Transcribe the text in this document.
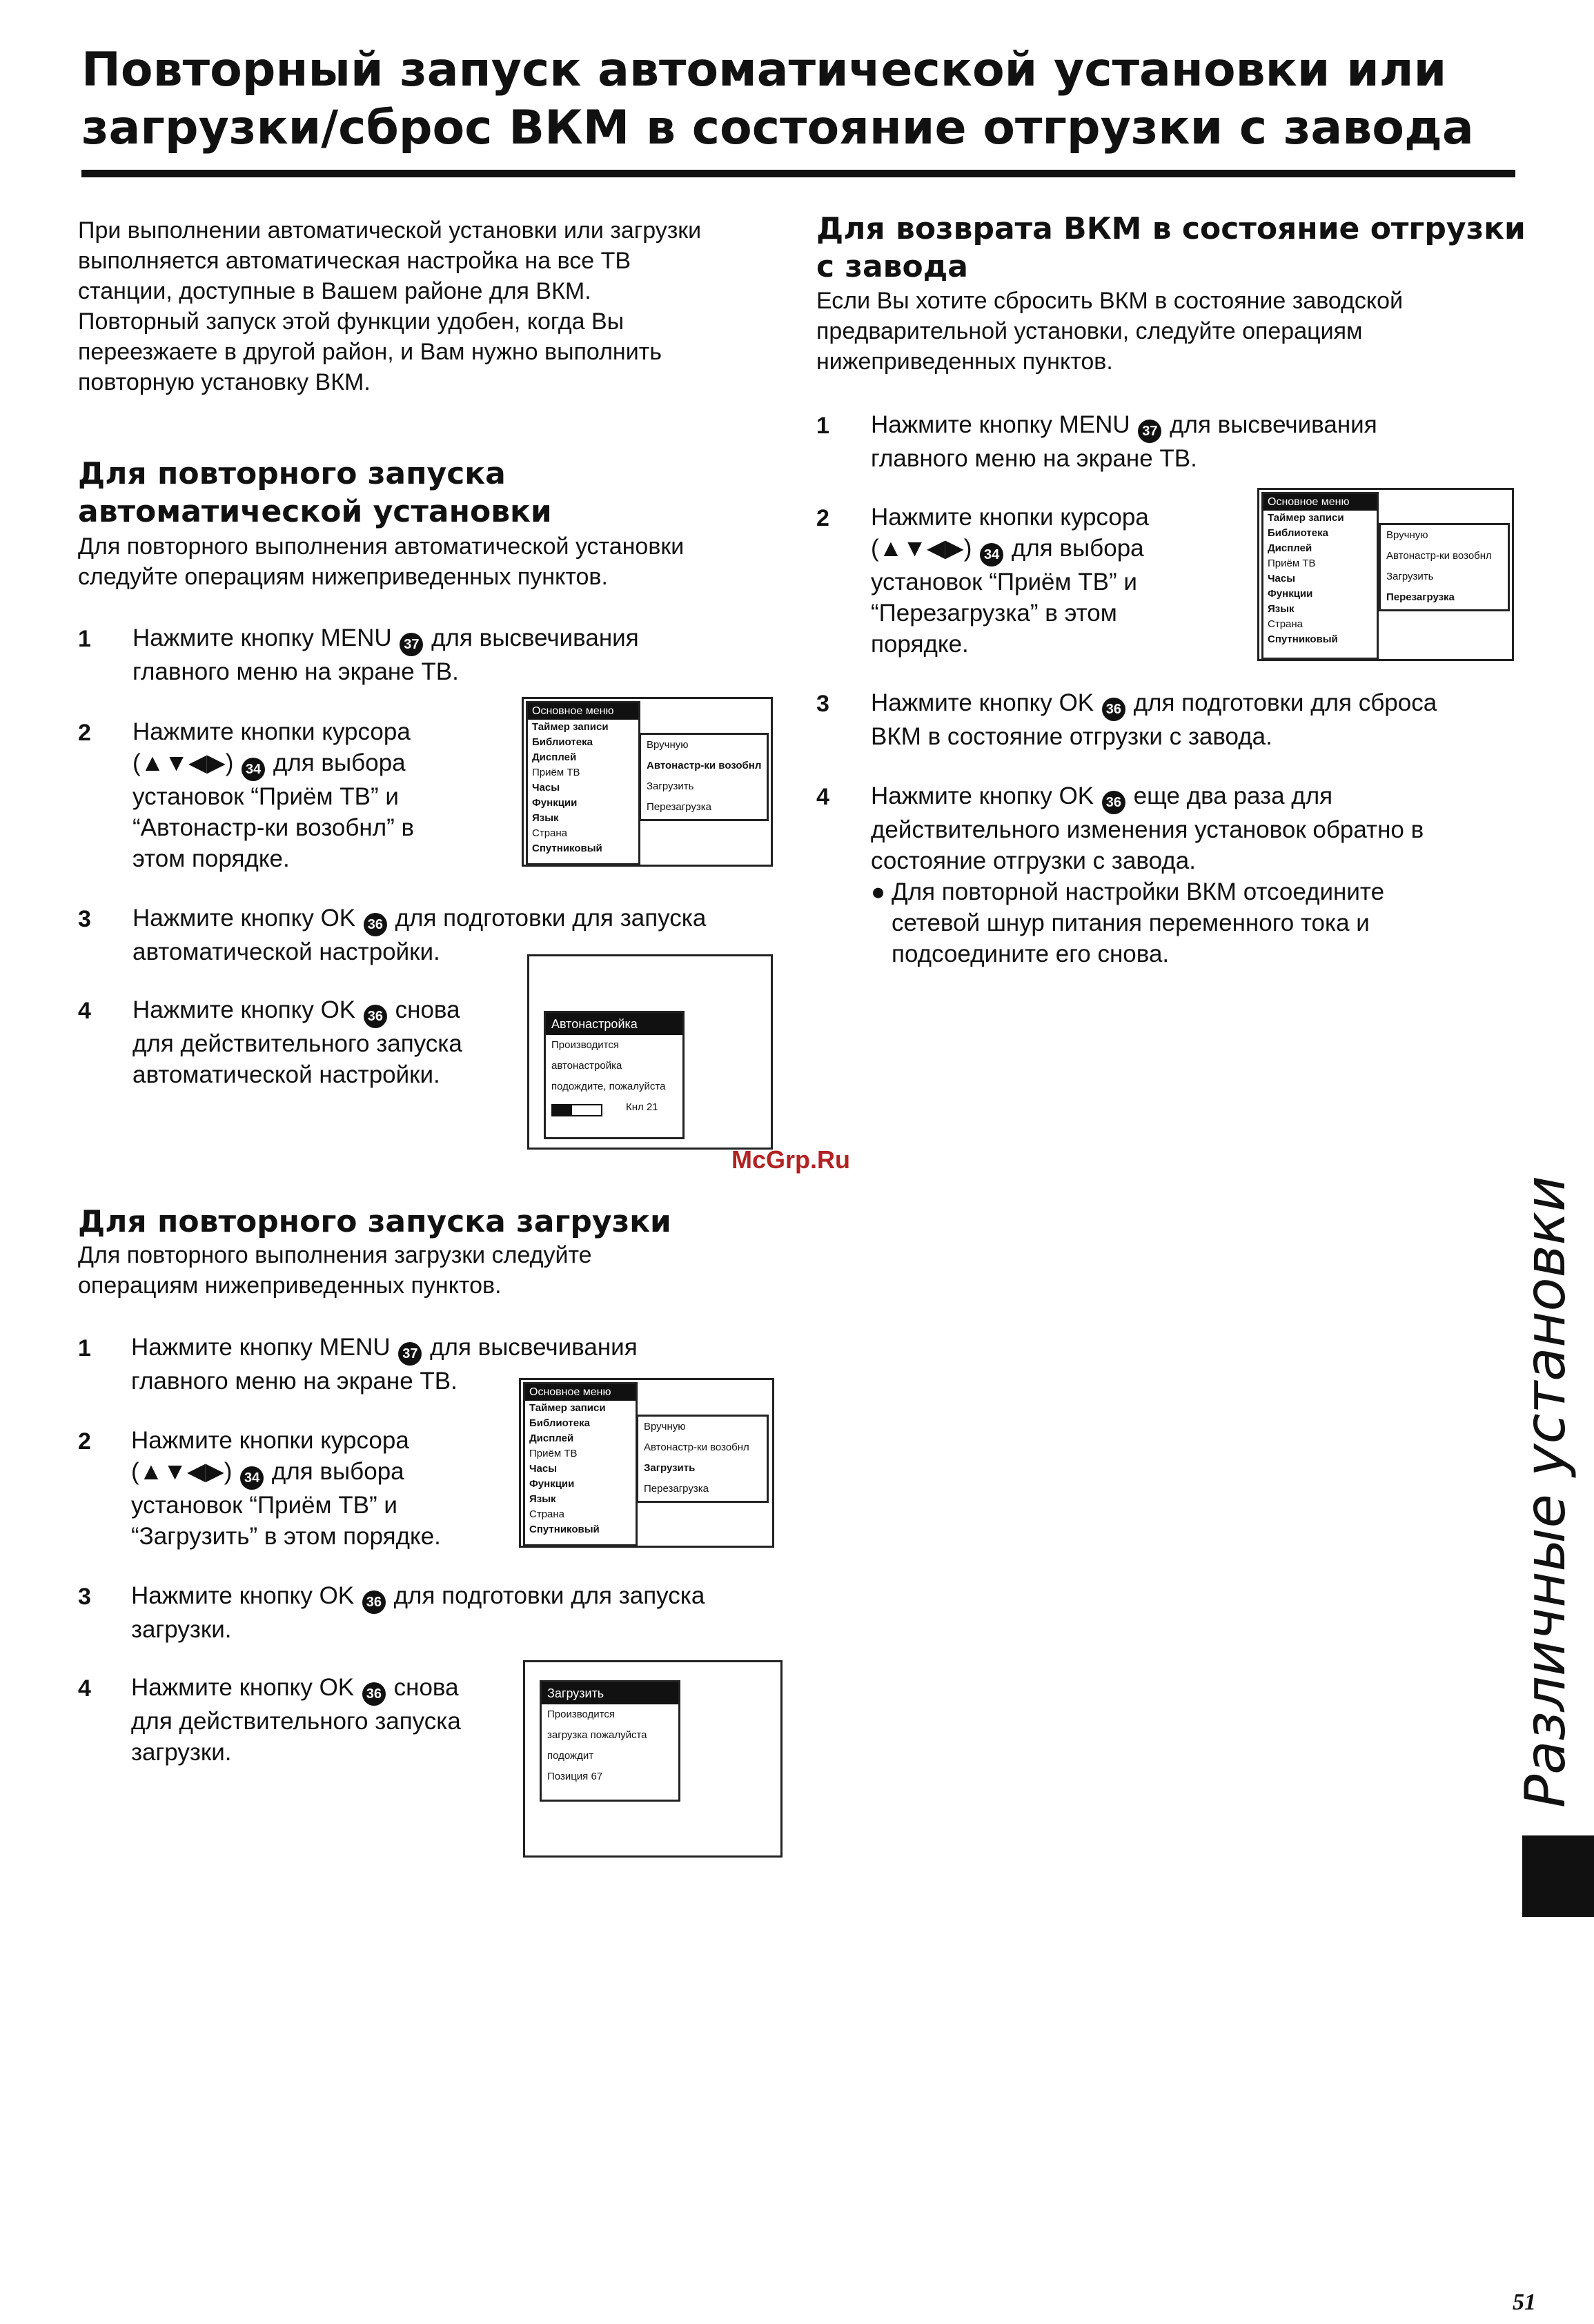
Повторный запуск автоматической установки или
загрузки/сброс ВКМ в состояние отгрузки с завода
При выполнении автоматической установки или загрузки
выполняется автоматическая настройка на все ТВ
станции, доступные в Вашем районе для ВКМ.
Повторный запуск этой функции удобен, когда Вы
переезжаете в другой район, и Вам нужно выполнить
повторную установку ВКМ.
Для повторного запуска
автоматической установки
Для повторного выполнения автоматической установки
следуйте операциям нижеприведенных пунктов.
1 Нажмите кнопку MENU 37 для высвечивания
главного меню на экране ТВ.
2 Нажмите кнопки курсора
(▲▼◀▶) 34 для выбора
установок “Приём ТВ” и
“Автонастр-ки возобнл” в
этом порядке.
Основное меню
Таймер записи
Библиотека
Дисплей
Приём ТВ
Часы
Функции
Язык
Страна
Спутниковый
Вручную
Автонастр-ки возобнл
Загрузить
Перезагрузка
3 Нажмите кнопку OK 36 для подготовки для запуска
автоматической настройки.
4 Нажмите кнопку OK 36 снова
для действительного запуска
автоматической настройки.
Автонастройка
Производится
автонастройка
подождите, пожалуйста
Кнл 21
Для повторного запуска загрузки
Для повторного выполнения загрузки следуйте
операциям нижеприведенных пунктов.
1 Нажмите кнопку MENU 37 для высвечивания
главного меню на экране ТВ.
2 Нажмите кнопки курсора
(▲▼◀▶) 34 для выбора
установок “Приём ТВ” и
“Загрузить” в этом порядке.
Основное меню
Таймер записи
Библиотека
Дисплей
Приём ТВ
Часы
Функции
Язык
Страна
Спутниковый
Вручную
Автонастр-ки возобнл
Загрузить
Перезагрузка
3 Нажмите кнопку OK 36 для подготовки для запуска
загрузки.
4 Нажмите кнопку OK 36 снова
для действительного запуска
загрузки.
Загрузить
Производится
загрузка пожалуйста
подождит
Позиция 67
Для возврата ВКМ в состояние отгрузки
с завода
Если Вы хотите сбросить ВКМ в состояние заводской
предварительной установки, следуйте операциям
нижеприведенных пунктов.
1 Нажмите кнопку MENU 37 для высвечивания
главного меню на экране ТВ.
2 Нажмите кнопки курсора
(▲▼◀▶) 34 для выбора
установок “Приём ТВ” и
“Перезагрузка” в этом
порядке.
Основное меню
Таймер записи
Библиотека
Дисплей
Приём ТВ
Часы
Функции
Язык
Страна
Спутниковый
Вручную
Автонастр-ки возобнл
Загрузить
Перезагрузка
3 Нажмите кнопку OK 36 для подготовки для сброса
ВКМ в состояние отгрузки с завода.
4 Нажмите кнопку OK 36 еще два раза для
действительного изменения установок обратно в
состояние отгрузки с завода.
● Для повторной настройки ВКМ отсоедините
сетевой шнур питания переменного тока и
подсоедините его снова.
McGrp.Ru
Различные установки
51
